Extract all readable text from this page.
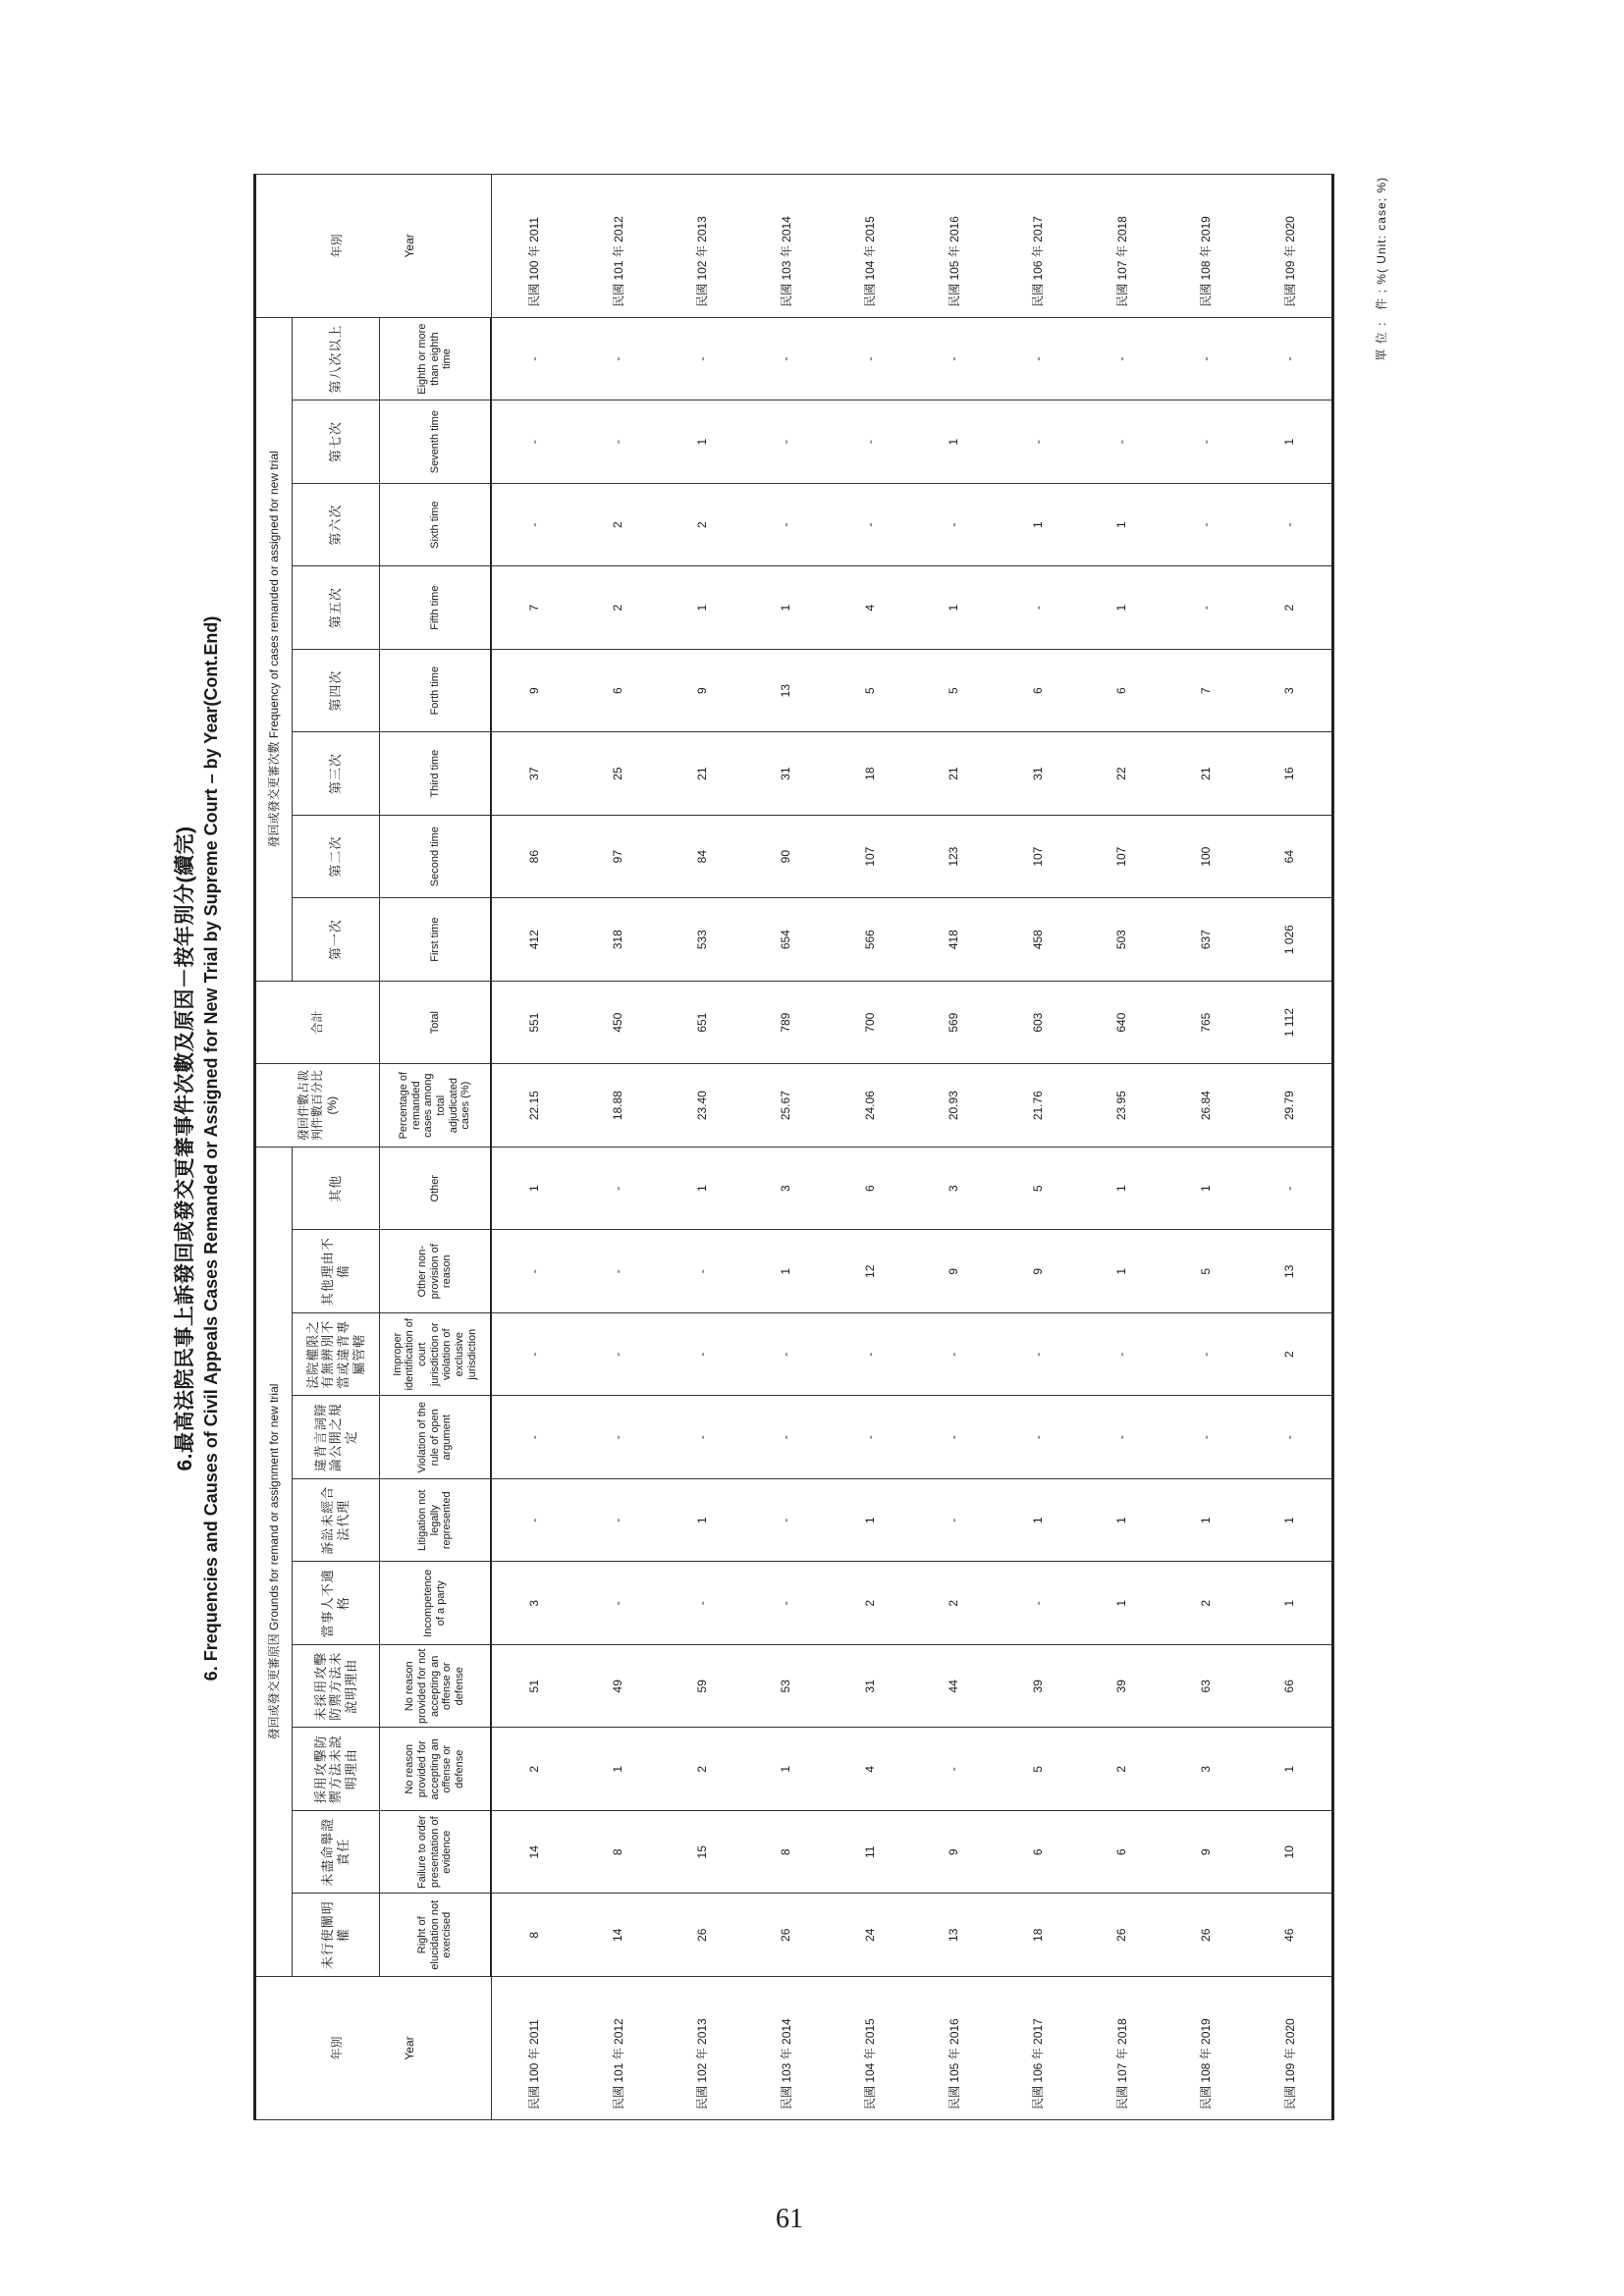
6.最高法院民事上訴發回或發交更審事件次數及原因－按年別分(續完) 6. Frequencies and Causes of Civil Appeals Cases Remanded or Assigned for New Trial by Supreme Court – by Year(Cont.End)
年別 Year	發回或發交更審原因 Grounds for remand or assignment for new trial										發回件數占裁判件數百分比 (%)	合計	發回或發交更審次數 Frequency of cases remanded or assigned for new trial								年別 Year

	未行使闡明權	未盡命舉證責任	採用攻擊防禦方法未說明理由	未採用攻擊防禦方法未說明理由	當事人不適格	訴訟未經合法代理	違背言詞辯論公開之規定	法院權限之有無辨別不當或違背專屬管轄	其他理由不備	其他			第一次	第二次	第三次	第四次	第五次	第六次	第七次	第八次以上	
	Right of elucidation not exercised	Failure to order presentation of evidence	No reason provided for accepting an offense or defense	No reason provided for not accepting an offense or defense	Incompetence of a party	Litigation not legally represented	Violation of the rule of open argument	Improper identification of court jurisdiction or violation of exclusive jurisdiction	Other non-provision of reason	Other	Percentage of remanded cases among total adjudicated cases (%)	Total	First time	Second time	Third time	Forth time	Fifth time	Sixth time	Seventh time	Eighth or more than eighth time	
民國 100 年 2011	8	14	2	51	3	-	-	-	-	1	22.15	551	412	86	37	9	7	-	-	-	民國 100 年 2011
民國 101 年 2012	14	8	1	49	-	-	-	-	-	-	18.88	450	318	97	25	6	2	2	-	-	民國 101 年 2012
民國 102 年 2013	26	15	2	59	-	1	-	-	-	1	23.40	651	533	84	21	9	1	2	1	-	民國 102 年 2013
民國 103 年 2014	26	8	1	53	-	-	-	-	1	3	25.67	789	654	90	31	13	1	-	-	-	民國 103 年 2014
民國 104 年 2015	24	11	4	31	2	1	-	-	12	6	24.06	700	566	107	18	5	4	-	-	-	民國 104 年 2015
民國 105 年 2016	13	9	-	44	2	-	-	-	9	3	20.93	569	418	123	21	5	1	-	1	-	民國 105 年 2016
民國 106 年 2017	18	6	5	39	-	1	-	-	9	5	21.76	603	458	107	31	6	-	1	-	-	民國 106 年 2017
民國 107 年 2018	26	6	2	39	1	1	-	-	1	1	23.95	640	503	107	22	6	1	1	-	-	民國 107 年 2018
民國 108 年 2019	26	9	3	63	2	1	-	-	5	1	26.84	765	637	100	21	7	-	-	-	-	民國 108 年 2019
民國 109 年 2020	46	10	1	66	1	1	-	2	13	-	29.79	1 112	1 026	64	16	3	2	-	1	-	民國 109 年 2020	單 位 ： 件 ; %( Unit: case; %)
61
